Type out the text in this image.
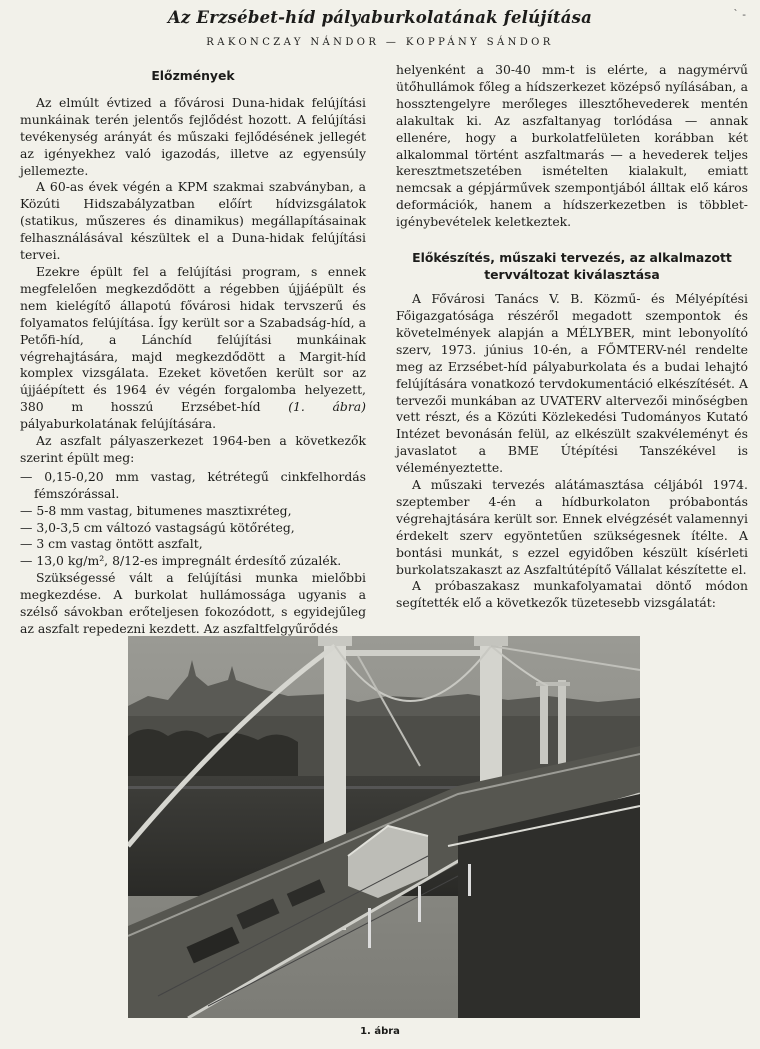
Az Erzsébet-híd pályaburkolatának felújítása
RAKONCZAY NÁNDOR — KOPPÁNY SÁNDOR
` -
Előzmények

Az elmúlt évtized a fővárosi Duna-hidak felújítási munkáinak terén jelentős fejlődést hozott. A felújítási tevékenység arányát és műszaki fejlődésének jellegét az igényekhez való igazodás, illetve az egyensúly jellemezte.

A 60-as évek végén a KPM szakmai szabványban, a Közúti Hidszabályzatban előírt hídvizsgálatok (statikus, műszeres és dinamikus) megállapításainak felhasználásával készültek el a Duna-hidak felújítási tervei.

Ezekre épült fel a felújítási program, s ennek megfelelően megkezdődött a régebben újjáépült és nem kielégítő állapotú fővárosi hidak tervszerű és folyamatos felújítása. Így került sor a Szabadság-híd, a Petőfi-híd, a Lánchíd felújítási munkáinak végrehajtására, majd megkezdődött a Margit-híd komplex vizsgálata. Ezeket követően került sor az újjáépített és 1964 év végén forgalomba helyezett, 380 m hosszú Erzsébet-híd (1. ábra) pályaburkolatának felújítására.

Az aszfalt pályaszerkezet 1964-ben a következők szerint épült meg:

— 0,15-0,20 mm vastag, kétrétegű cinkfelhordás fémszórással.
— 5-8 mm vastag, bitumenes masztixréteg,
— 3,0-3,5 cm változó vastagságú kötőréteg,
— 3 cm vastag öntött aszfalt,
— 13,0 kg/m², 8/12-es impregnált érdesítő zúzalék.

Szükségessé vált a felújítási munka mielőbbi megkezdése. A burkolat hullámossága ugyanis a szélső sávokban erőteljesen fokozódott, s egyidejűleg az aszfalt repedezni kezdett. Az aszfaltfelgyűrődés

helyenként a 30-40 mm-t is elérte, a nagymérvű ütőhullámok főleg a hídszerkezet középső nyílásában, a hossztengelyre merőleges illesztőhevederek mentén alakultak ki. Az aszfaltanyag torlódása — annak ellenére, hogy a burkolatfelületen korábban két alkalommal történt aszfaltmarás — a hevederek teljes keresztmetszetében ismételten kialakult, emiatt nemcsak a gépjárművek szempontjából álltak elő káros deformációk, hanem a hídszerkezetben is többlet-igénybevételek keletkeztek.

Előkészítés, műszaki tervezés, az alkalmazott tervváltozat kiválasztása

A Fővárosi Tanács V. B. Közmű- és Mélyépítési Főigazgatósága részéről megadott szempontok és követelmények alapján a MÉLYBER, mint lebonyolító szerv, 1973. június 10-én, a FŐMTERV-nél rendelte meg az Erzsébet-híd pályaburkolata és a budai lehajtó felújítására vonatkozó tervdokumentáció elkészítését. A tervezői munkában az UVATERV altervezői minőségben vett részt, és a Közúti Közlekedési Tudományos Kutató Intézet bevonásán felül, az elkészült szakvéleményt és javaslatot a BME Útépítési Tanszékével is véleményeztette.

A műszaki tervezés alátámasztása céljából 1974. szeptember 4-én a hídburkolaton próbabontás végrehajtására került sor. Ennek elvégzését valamennyi érdekelt szerv egyöntetűen szükségesnek ítélte. A bontási munkát, s ezzel egyidőben készült kísérleti burkolatszakaszt az Aszfaltútépítő Vállalat készítette el.

A próbaszakasz munkafolyamatai döntő módon segítették elő a következők tüzetesebb vizsgálatát:

1. ábra
